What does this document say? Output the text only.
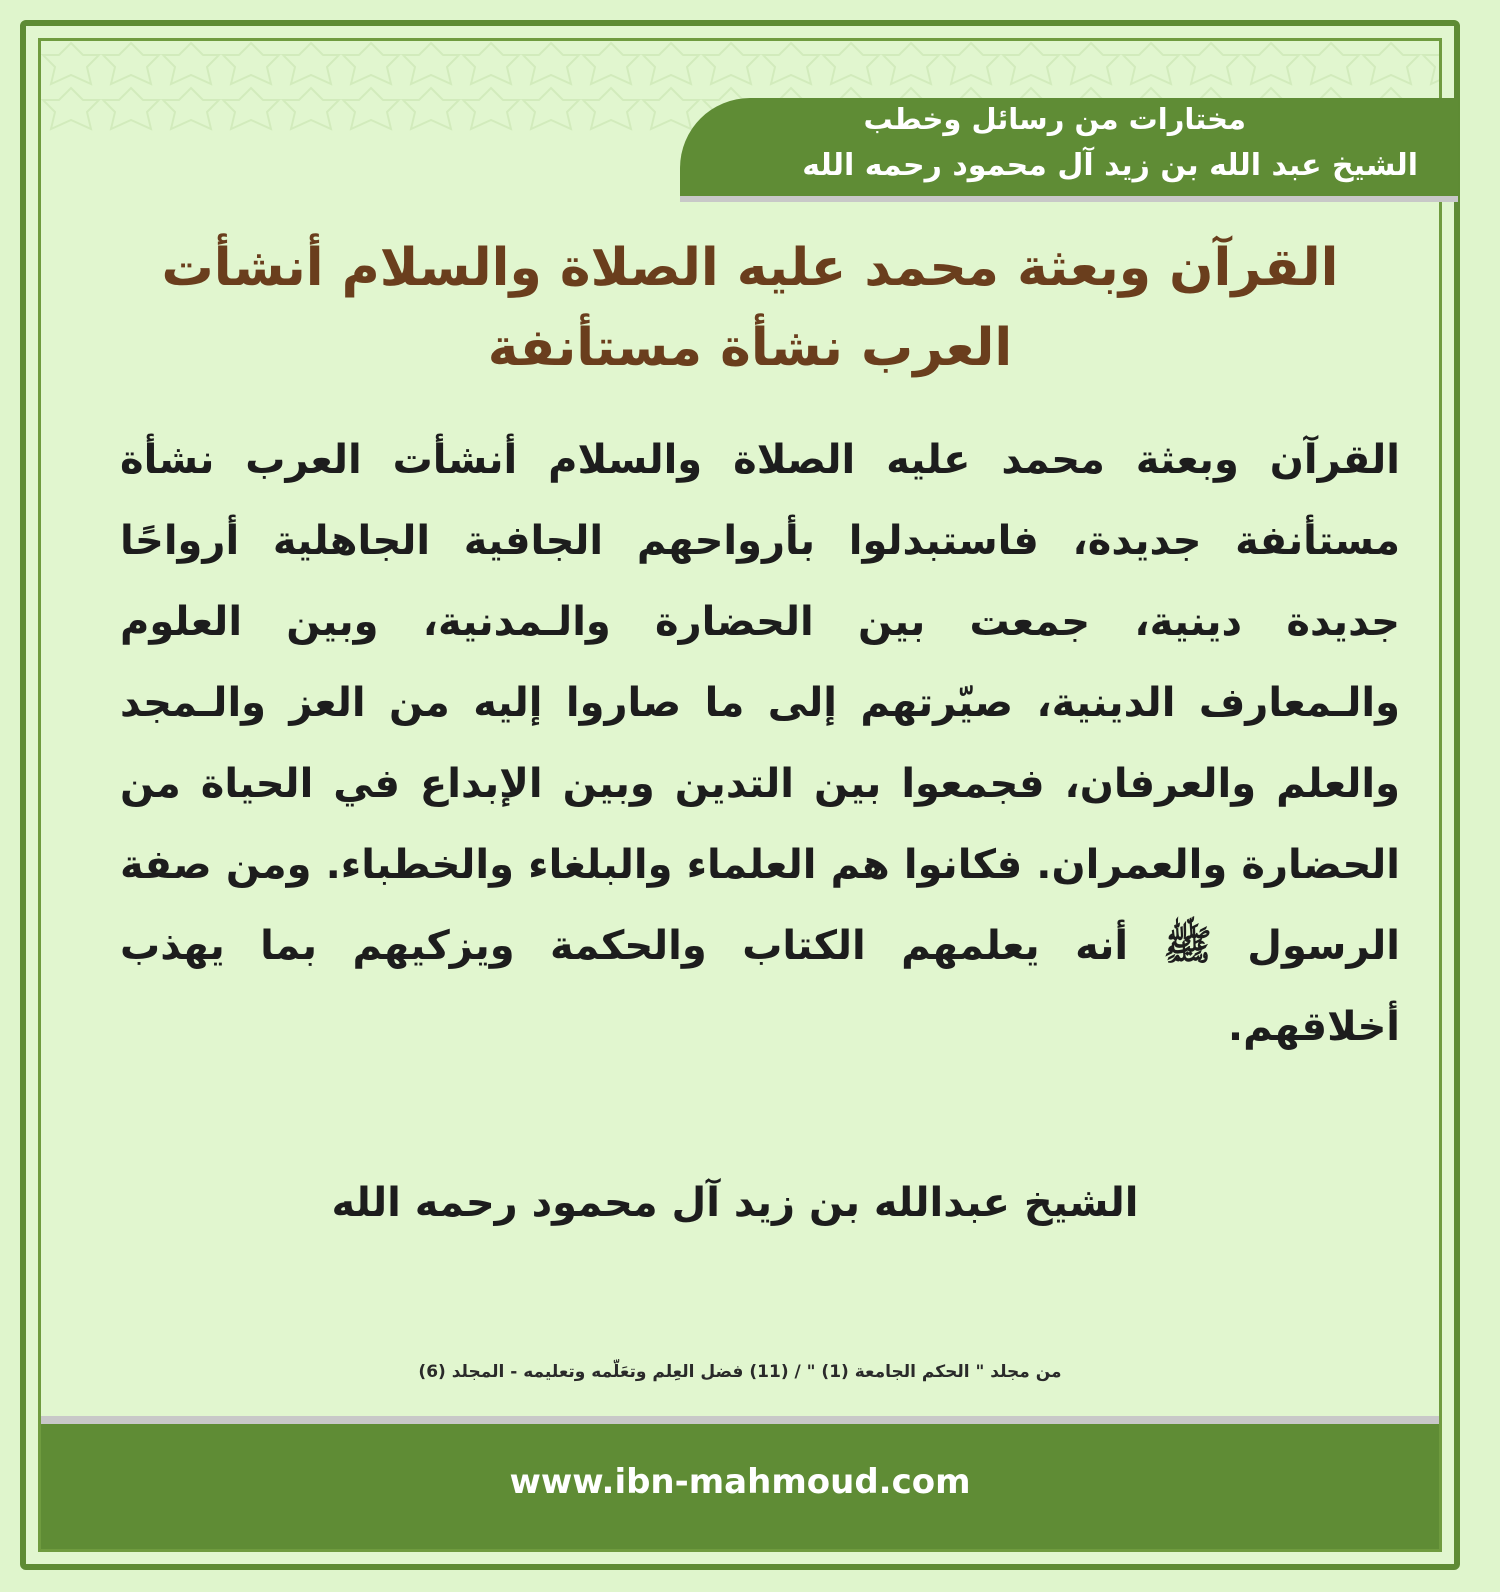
مختارات من رسائل وخطب
الشيخ عبد الله بن زيد آل محمود رحمه الله
القرآن وبعثة محمد عليه الصلاة والسلام أنشأت العرب نشأة مستأنفة
القرآن وبعثة محمد عليه الصلاة والسلام أنشأت العرب نشأة مستأنفة جديدة، فاستبدلوا بأرواحهم الجافية الجاهلية أرواحًا جديدة دينية، جمعت بين الحضارة والـمدنية، وبين العلوم والـمعارف الدينية، صيّرتهم إلى ما صاروا إليه من العز والـمجد والعلم والعرفان، فجمعوا بين التدين وبين الإبداع في الحياة من الحضارة والعمران. فكانوا هم العلماء والبلغاء والخطباء. ومن صفة الرسول ﷺ أنه يعلمهم الكتاب والحكمة ويزكيهم بما يهذب أخلاقهم.
الشيخ عبدالله بن زيد آل محمود رحمه الله
من مجلد " الحكم الجامعة (1) " / (11) فضل العِلم وتعَلّمه وتعليمه - المجلد (6)
www.ibn-mahmoud.com
